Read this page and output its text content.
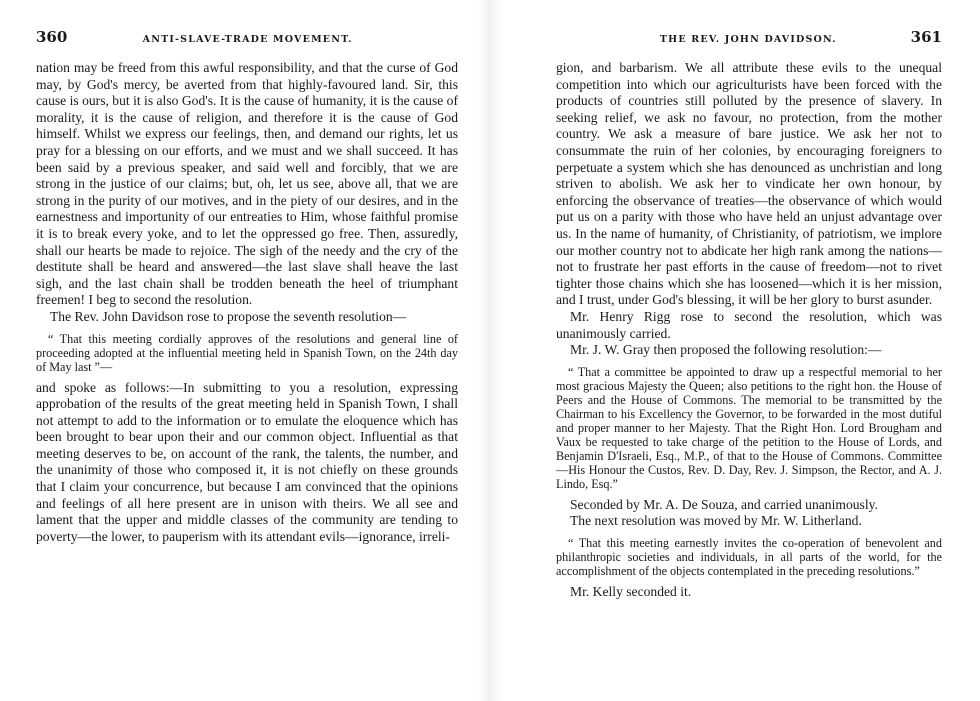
360	ANTI-SLAVE-TRADE MOVEMENT.

nation may be freed from this awful responsibility, and that the curse of God may, by God's mercy, be averted from that highly-favoured land. Sir, this cause is ours, but it is also God's. It is the cause of humanity, it is the cause of morality, it is the cause of religion, and therefore it is the cause of God himself. Whilst we express our feelings, then, and demand our rights, let us pray for a blessing on our efforts, and we must and we shall succeed. It has been said by a previous speaker, and said well and forcibly, that we are strong in the justice of our claims; but, oh, let us see, above all, that we are strong in the purity of our motives, and in the piety of our desires, and in the earnestness and importunity of our entreaties to Him, whose faithful promise it is to break every yoke, and to let the oppressed go free. Then, assuredly, shall our hearts be made to rejoice. The sigh of the needy and the cry of the destitute shall be heard and answered—the last slave shall heave the last sigh, and the last chain shall be trodden beneath the heel of triumphant freemen! I beg to second the resolution.

The Rev. John Davidson rose to propose the seventh resolution—

“ That this meeting cordially approves of the resolutions and general line of proceeding adopted at the influential meeting held in Spanish Town, on the 24th day of May last ”—

and spoke as follows:—In submitting to you a resolution, expressing approbation of the results of the great meeting held in Spanish Town, I shall not attempt to add to the information or to emulate the eloquence which has been brought to bear upon their and our common object. Influential as that meeting deserves to be, on account of the rank, the talents, the number, and the unanimity of those who composed it, it is not chiefly on these grounds that I claim your concurrence, but because I am convinced that the opinions and feelings of all here present are in unison with theirs. We all see and lament that the upper and middle classes of the community are tending to poverty—the lower, to pauperism with its attendant evils—ignorance, irreli-

THE REV. JOHN DAVIDSON.	361

gion, and barbarism. We all attribute these evils to the unequal competition into which our agriculturists have been forced with the products of countries still polluted by the presence of slavery. In seeking relief, we ask no favour, no protection, from the mother country. We ask a measure of bare justice. We ask her not to consummate the ruin of her colonies, by encouraging foreigners to perpetuate a system which she has denounced as unchristian and long striven to abolish. We ask her to vindicate her own honour, by enforcing the observance of treaties—the observance of which would put us on a parity with those who have held an unjust advantage over us. In the name of humanity, of Christianity, of patriotism, we implore our mother country not to abdicate her high rank among the nations—not to frustrate her past efforts in the cause of freedom—not to rivet tighter those chains which she has loosened—which it is her mission, and I trust, under God's blessing, it will be her glory to burst asunder.

Mr. Henry Rigg rose to second the resolution, which was unanimously carried.

Mr. J. W. Gray then proposed the following resolution:—

“ That a committee be appointed to draw up a respectful memorial to her most gracious Majesty the Queen; also petitions to the right hon. the House of Peers and the House of Commons. The memorial to be transmitted by the Chairman to his Excellency the Governor, to be forwarded in the most dutiful and proper manner to her Majesty. That the Right Hon. Lord Brougham and Vaux be requested to take charge of the petition to the House of Lords, and Benjamin D'Israeli, Esq., M.P., of that to the House of Commons. Committee—His Honour the Custos, Rev. D. Day, Rev. J. Simpson, the Rector, and A. J. Lindo, Esq.”

Seconded by Mr. A. De Souza, and carried unanimously.

The next resolution was moved by Mr. W. Litherland.

“ That this meeting earnestly invites the co-operation of benevolent and philanthropic societies and individuals, in all parts of the world, for the accomplishment of the objects contemplated in the preceding resolutions.”

Mr. Kelly seconded it.
